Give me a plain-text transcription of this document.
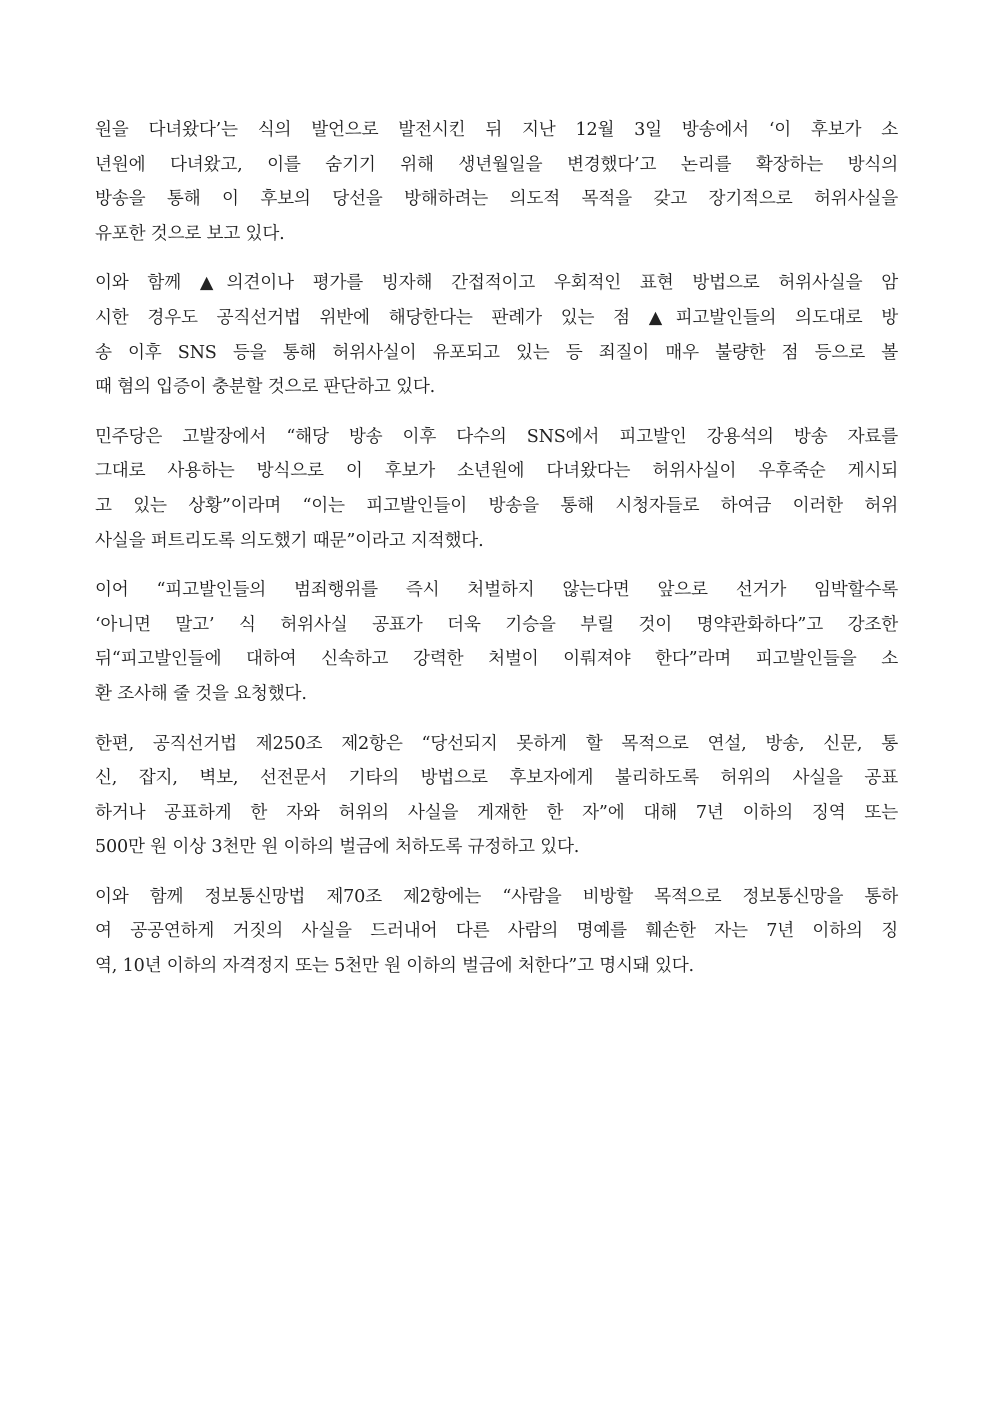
원을 다녀왔다’는 식의 발언으로 발전시킨 뒤 지난 12월 3일 방송에서 ‘이 후보가 소
년원에 다녀왔고, 이를 숨기기 위해 생년월일을 변경했다’고 논리를 확장하는 방식의
방송을 통해 이 후보의 당선을 방해하려는 의도적 목적을 갖고 장기적으로 허위사실을
유포한 것으로 보고 있다.

이와 함께 ▲의견이나 평가를 빙자해 간접적이고 우회적인 표현 방법으로 허위사실을 암
시한 경우도 공직선거법 위반에 해당한다는 판례가 있는 점 ▲피고발인들의 의도대로 방
송 이후 SNS 등을 통해 허위사실이 유포되고 있는 등 죄질이 매우 불량한 점 등으로 볼
때 혐의 입증이 충분할 것으로 판단하고 있다.

민주당은 고발장에서 “해당 방송 이후 다수의 SNS에서 피고발인 강용석의 방송 자료를
그대로 사용하는 방식으로 이 후보가 소년원에 다녀왔다는 허위사실이 우후죽순 게시되
고 있는 상황”이라며 “이는 피고발인들이 방송을 통해 시청자들로 하여금 이러한 허위
사실을 퍼트리도록 의도했기 때문”이라고 지적했다.

이어 “피고발인들의 범죄행위를 즉시 처벌하지 않는다면 앞으로 선거가 임박할수록
‘아니면 말고’ 식 허위사실 공표가 더욱 기승을 부릴 것이 명약관화하다”고 강조한
뒤“피고발인들에 대하여 신속하고 강력한 처벌이 이뤄져야 한다”라며 피고발인들을 소
환 조사해 줄 것을 요청했다.

한편, 공직선거법 제250조 제2항은 “당선되지 못하게 할 목적으로 연설, 방송, 신문, 통
신, 잡지, 벽보, 선전문서 기타의 방법으로 후보자에게 불리하도록 허위의 사실을 공표
하거나 공표하게 한 자와 허위의 사실을 게재한 한 자”에 대해 7년 이하의 징역 또는
500만 원 이상 3천만 원 이하의 벌금에 처하도록 규정하고 있다.

이와 함께 정보통신망법 제70조 제2항에는 “사람을 비방할 목적으로 정보통신망을 통하
여 공공연하게 거짓의 사실을 드러내어 다른 사람의 명예를 훼손한 자는 7년 이하의 징
역, 10년 이하의 자격정지 또는 5천만 원 이하의 벌금에 처한다”고 명시돼 있다.
